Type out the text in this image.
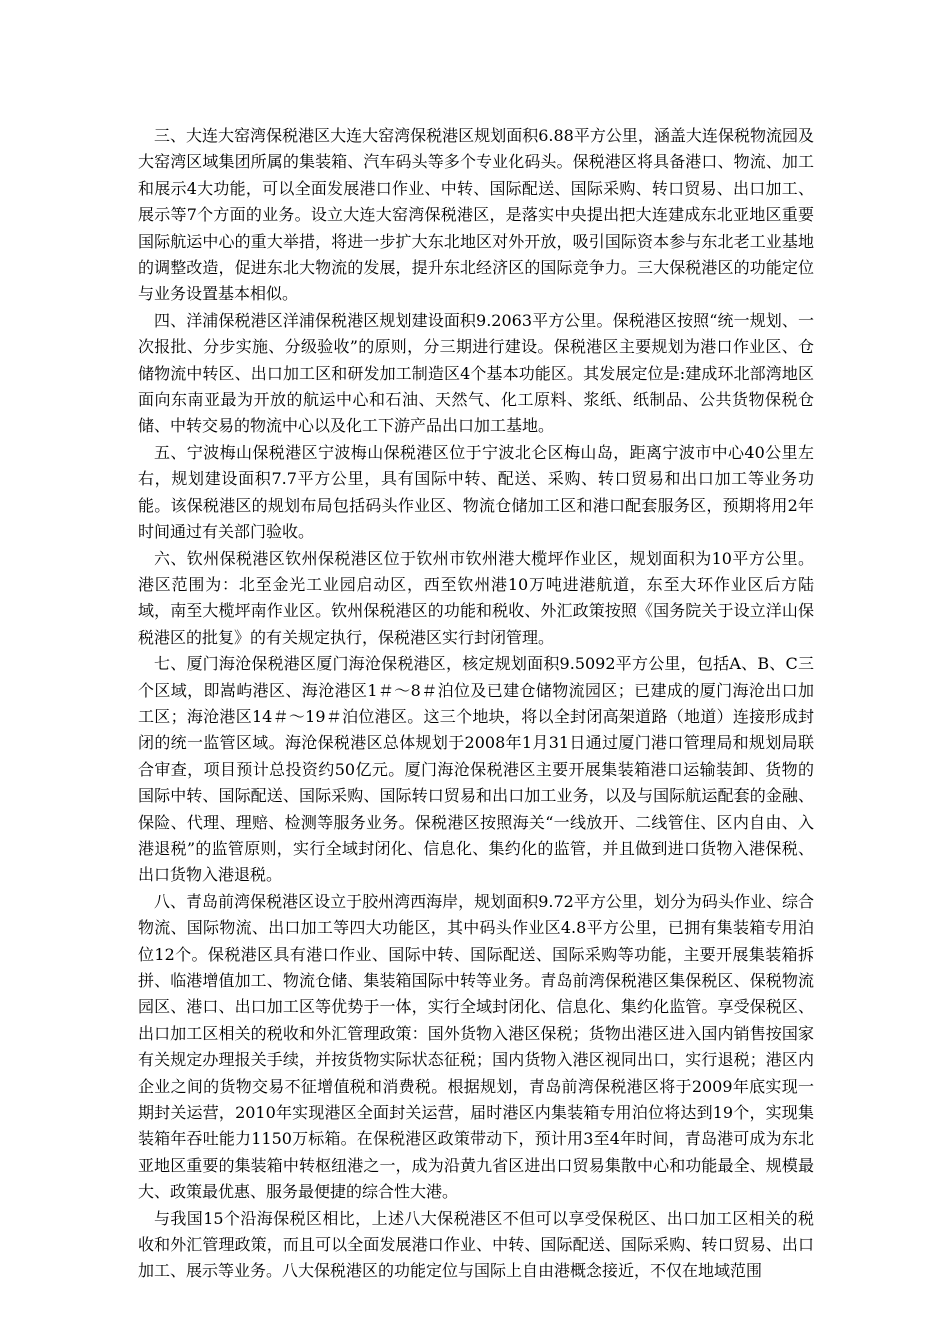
三、大连大窑湾保税港区大连大窑湾保税港区规划面积6.88平方公里，涵盖大连保税物流园及大窑湾区域集团所属的集装箱、汽车码头等多个专业化码头。保税港区将具备港口、物流、加工和展示4大功能，可以全面发展港口作业、中转、国际配送、国际采购、转口贸易、出口加工、展示等7个方面的业务。设立大连大窑湾保税港区，是落实中央提出把大连建成东北亚地区重要国际航运中心的重大举措，将进一步扩大东北地区对外开放，吸引国际资本参与东北老工业基地的调整改造，促进东北大物流的发展，提升东北经济区的国际竞争力。三大保税港区的功能定位与业务设置基本相似。

四、洋浦保税港区洋浦保税港区规划建设面积9.2063平方公里。保税港区按照“统一规划、一次报批、分步实施、分级验收”的原则，分三期进行建设。保税港区主要规划为港口作业区、仓储物流中转区、出口加工区和研发加工制造区4个基本功能区。其发展定位是:建成环北部湾地区面向东南亚最为开放的航运中心和石油、天然气、化工原料、浆纸、纸制品、公共货物保税仓储、中转交易的物流中心以及化工下游产品出口加工基地。

五、宁波梅山保税港区宁波梅山保税港区位于宁波北仑区梅山岛，距离宁波市中心40公里左右，规划建设面积7.7平方公里，具有国际中转、配送、采购、转口贸易和出口加工等业务功能。该保税港区的规划布局包括码头作业区、物流仓储加工区和港口配套服务区，预期将用2年时间通过有关部门验收。

六、钦州保税港区钦州保税港区位于钦州市钦州港大榄坪作业区，规划面积为10平方公里。港区范围为：北至金光工业园启动区，西至钦州港10万吨进港航道，东至大环作业区后方陆域，南至大榄坪南作业区。钦州保税港区的功能和税收、外汇政策按照《国务院关于设立洋山保税港区的批复》的有关规定执行，保税港区实行封闭管理。

七、厦门海沧保税港区厦门海沧保税港区，核定规划面积9.5092平方公里，包括A、B、C三个区域，即嵩屿港区、海沧港区1＃～8＃泊位及已建仓储物流园区；已建成的厦门海沧出口加工区；海沧港区14＃～19＃泊位港区。这三个地块，将以全封闭高架道路（地道）连接形成封闭的统一监管区域。海沧保税港区总体规划于2008年1月31日通过厦门港口管理局和规划局联合审查，项目预计总投资约50亿元。厦门海沧保税港区主要开展集装箱港口运输装卸、货物的国际中转、国际配送、国际采购、国际转口贸易和出口加工业务，以及与国际航运配套的金融、保险、代理、理赔、检测等服务业务。保税港区按照海关“一线放开、二线管住、区内自由、入港退税”的监管原则，实行全域封闭化、信息化、集约化的监管，并且做到进口货物入港保税、出口货物入港退税。

八、青岛前湾保税港区设立于胶州湾西海岸，规划面积9.72平方公里，划分为码头作业、综合物流、国际物流、出口加工等四大功能区，其中码头作业区4.8平方公里，已拥有集装箱专用泊位12个。保税港区具有港口作业、国际中转、国际配送、国际采购等功能，主要开展集装箱拆拼、临港增值加工、物流仓储、集装箱国际中转等业务。青岛前湾保税港区集保税区、保税物流园区、港口、出口加工区等优势于一体，实行全域封闭化、信息化、集约化监管。享受保税区、出口加工区相关的税收和外汇管理政策：国外货物入港区保税；货物出港区进入国内销售按国家有关规定办理报关手续，并按货物实际状态征税；国内货物入港区视同出口，实行退税；港区内企业之间的货物交易不征增值税和消费税。根据规划，青岛前湾保税港区将于2009年底实现一期封关运营，2010年实现港区全面封关运营，届时港区内集装箱专用泊位将达到19个，实现集装箱年吞吐能力1150万标箱。在保税港区政策带动下，预计用3至4年时间，青岛港可成为东北亚地区重要的集装箱中转枢纽港之一，成为沿黄九省区进出口贸易集散中心和功能最全、规模最大、政策最优惠、服务最便捷的综合性大港。

与我国15个沿海保税区相比，上述八大保税港区不但可以享受保税区、出口加工区相关的税收和外汇管理政策，而且可以全面发展港口作业、中转、国际配送、国际采购、转口贸易、出口加工、展示等业务。八大保税港区的功能定位与国际上自由港概念接近，不仅在地域范围
